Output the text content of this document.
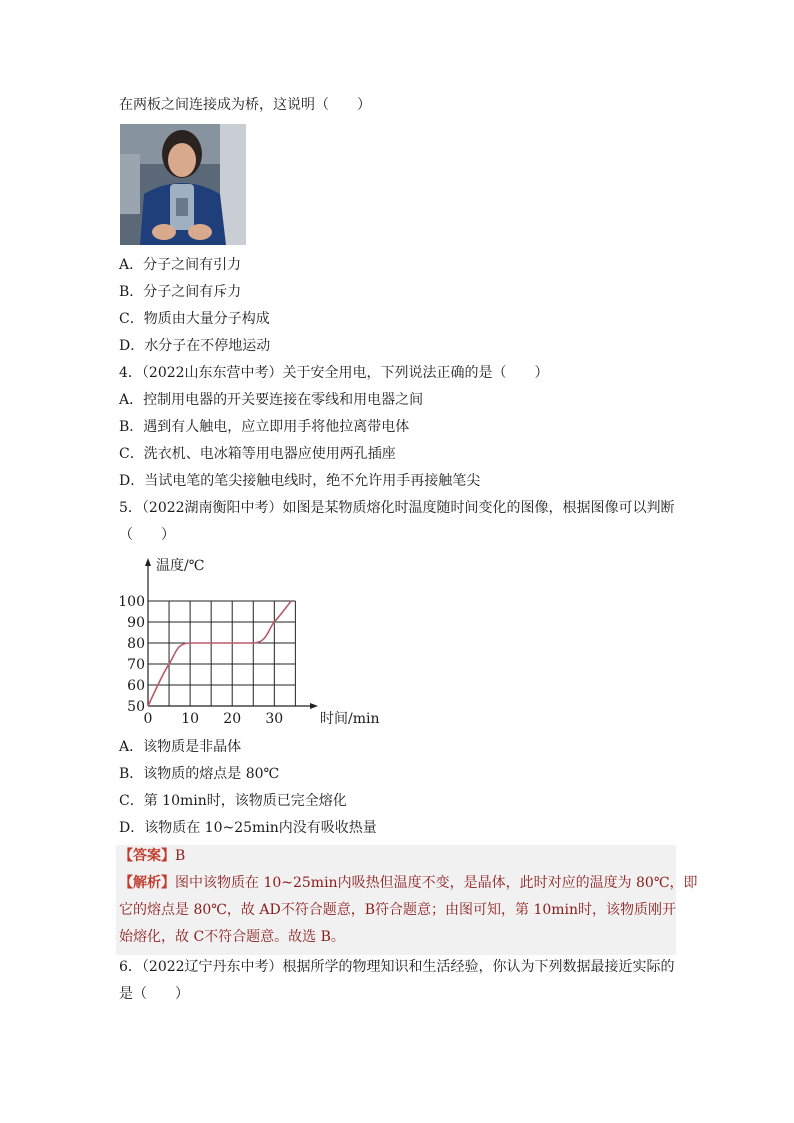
在两板之间连接成为桥，这说明（　　）
A．分子之间有引力
B．分子之间有斥力
C．物质由大量分子构成
D．水分子在不停地运动
4．（2022山东东营中考）关于安全用电，下列说法正确的是（　　）
A．控制用电器的开关要连接在零线和用电器之间
B．遇到有人触电，应立即用手将他拉离带电体
C．洗衣机、电冰箱等用电器应使用两孔插座
D．当试电笔的笔尖接触电线时，绝不允许用手再接触笔尖
5．（2022湖南衡阳中考）如图是某物质熔化时温度随时间变化的图像，根据图像可以判断
（　　）
0 10 20 30
50
60
70
80
90
100
时间/min
温度/℃
A．该物质是非晶体
B．该物质的熔点是 80℃
C．第 10min时，该物质已完全熔化
D．该物质在 10~25min内没有吸收热量
【答案】B
【解析】图中该物质在 10~25min内吸热但温度不变，是晶体，此时对应的温度为 80℃，即
它的熔点是 80℃，故 AD不符合题意，B符合题意；由图可知，第 10min时，该物质刚开
始熔化，故 C不符合题意。故选 B。
6．（2022辽宁丹东中考）根据所学的物理知识和生活经验，你认为下列数据最接近实际的
是（　　）
